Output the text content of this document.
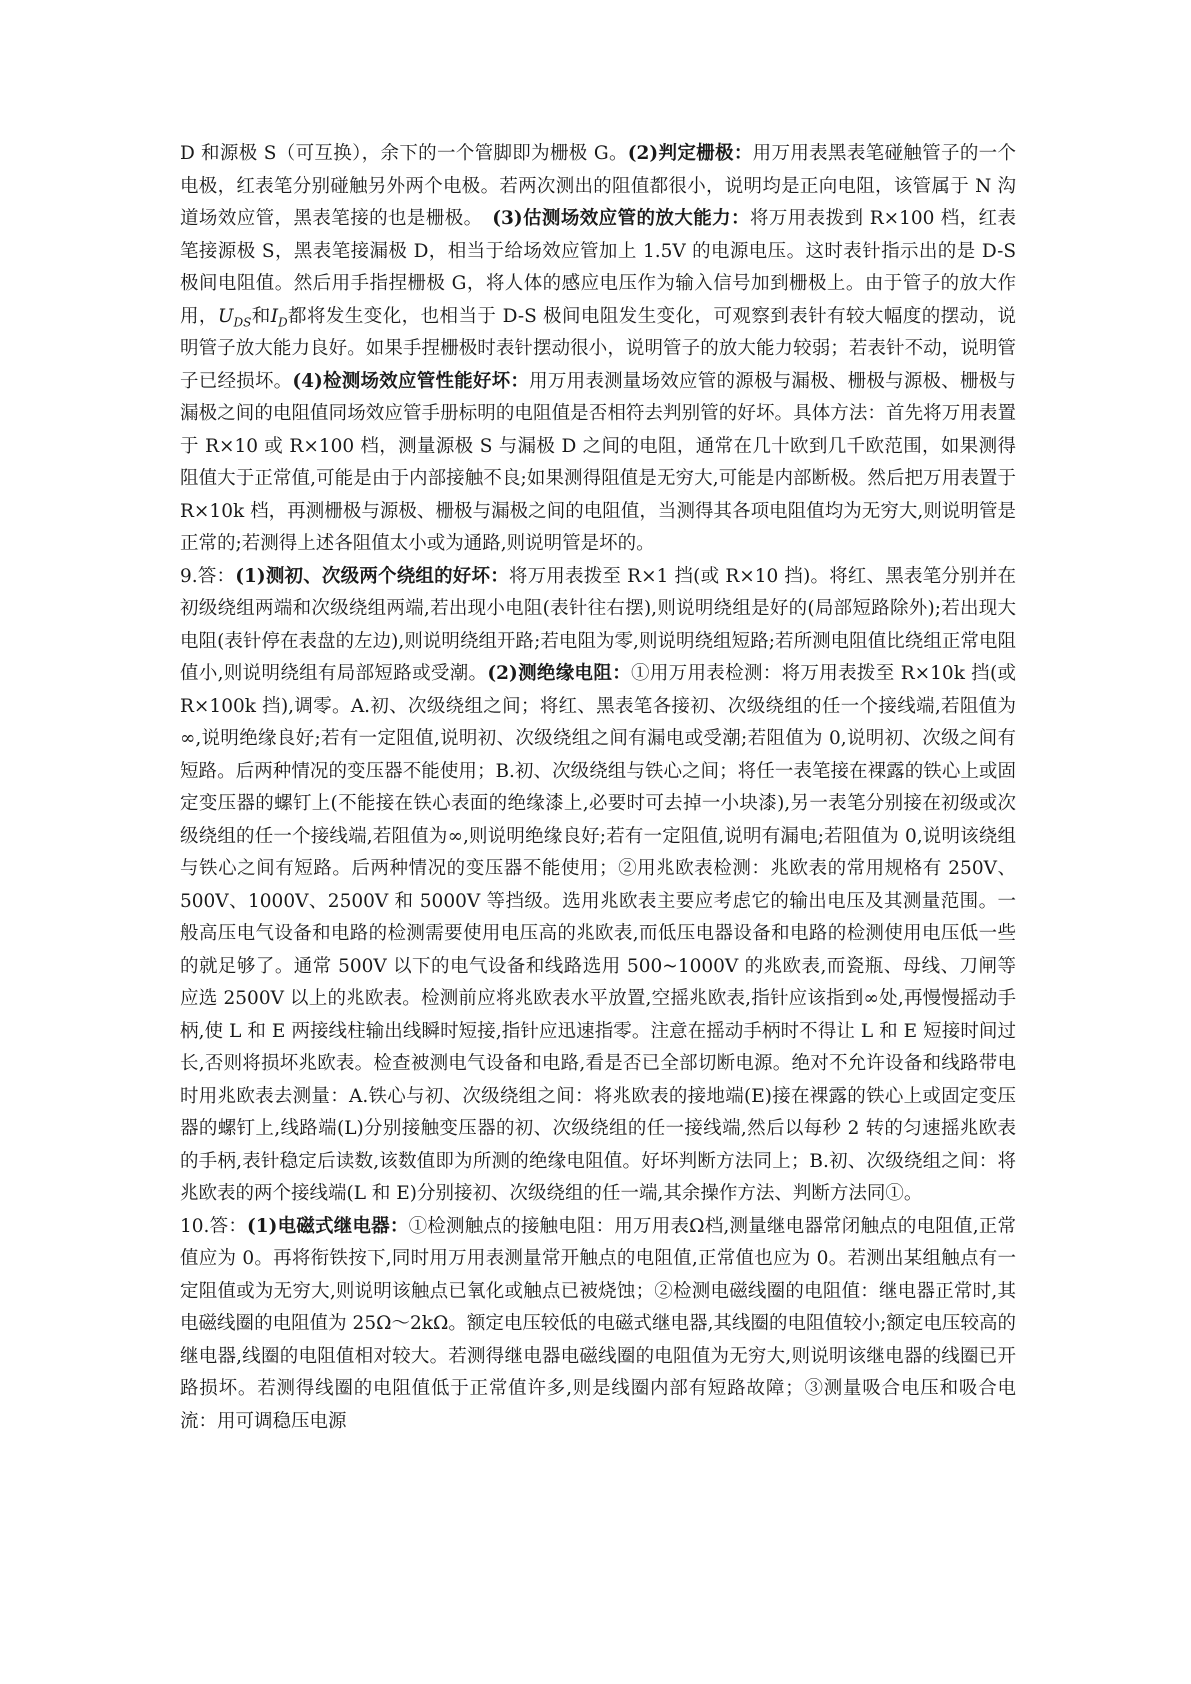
D 和源极 S（可互换），余下的一个管脚即为栅极 G。(2)判定栅极：用万用表黑表笔碰触管子的一个电极，红表笔分别碰触另外两个电极。若两次测出的阻值都很小，说明均是正向电阻，该管属于 N 沟道场效应管，黑表笔接的也是栅极。　(3)估测场效应管的放大能力：将万用表拨到 R×100 档，红表笔接源极 S，黑表笔接漏极 D，相当于给场效应管加上 1.5V 的电源电压。这时表针指示出的是 D-S 极间电阻值。然后用手指捏栅极 G，将人体的感应电压作为输入信号加到栅极上。由于管子的放大作用，$U_{DS}$和$I_D$都将发生变化，也相当于 D-S 极间电阻发生变化，可观察到表针有较大幅度的摆动，说明管子放大能力良好。如果手捏栅极时表针摆动很小，说明管子的放大能力较弱；若表针不动，说明管子已经损坏。(4)检测场效应管性能好坏：用万用表测量场效应管的源极与漏极、栅极与源极、栅极与漏极之间的电阻值同场效应管手册标明的电阻值是否相符去判别管的好坏。具体方法：首先将万用表置于 R×10 或 R×100 档，测量源极 S 与漏极 D 之间的电阻，通常在几十欧到几千欧范围，如果测得阻值大于正常值,可能是由于内部接触不良;如果测得阻值是无穷大,可能是内部断极。然后把万用表置于 R×10k 档，再测栅极与源极、栅极与漏极之间的电阻值，当测得其各项电阻值均为无穷大,则说明管是正常的;若测得上述各阻值太小或为通路,则说明管是坏的。

9.答：(1)测初、次级两个绕组的好坏：将万用表拨至 R×1 挡(或 R×10 挡)。将红、黑表笔分别并在初级绕组两端和次级绕组两端,若出现小电阻(表针往右摆),则说明绕组是好的(局部短路除外);若出现大电阻(表针停在表盘的左边),则说明绕组开路;若电阻为零,则说明绕组短路;若所测电阻值比绕组正常电阻值小,则说明绕组有局部短路或受潮。(2)测绝缘电阻：①用万用表检测：将万用表拨至 R×10k 挡(或 R×100k 挡),调零。A.初、次级绕组之间；将红、黑表笔各接初、次级绕组的任一个接线端,若阻值为∞,说明绝缘良好;若有一定阻值,说明初、次级绕组之间有漏电或受潮;若阻值为 0,说明初、次级之间有短路。后两种情况的变压器不能使用；B.初、次级绕组与铁心之间；将任一表笔接在裸露的铁心上或固定变压器的螺钉上(不能接在铁心表面的绝缘漆上,必要时可去掉一小块漆),另一表笔分别接在初级或次级绕组的任一个接线端,若阻值为∞,则说明绝缘良好;若有一定阻值,说明有漏电;若阻值为 0,说明该绕组与铁心之间有短路。后两种情况的变压器不能使用；②用兆欧表检测：兆欧表的常用规格有 250V、500V、1000V、2500V 和 5000V 等挡级。选用兆欧表主要应考虑它的输出电压及其测量范围。一般高压电气设备和电路的检测需要使用电压高的兆欧表,而低压电器设备和电路的检测使用电压低一些的就足够了。通常 500V 以下的电气设备和线路选用 500~1000V 的兆欧表,而瓷瓶、母线、刀闸等应选 2500V 以上的兆欧表。检测前应将兆欧表水平放置,空摇兆欧表,指针应该指到∞处,再慢慢摇动手柄,使 L 和 E 两接线柱输出线瞬时短接,指针应迅速指零。注意在摇动手柄时不得让 L 和 E 短接时间过长,否则将损坏兆欧表。检查被测电气设备和电路,看是否已全部切断电源。绝对不允许设备和线路带电时用兆欧表去测量：A.铁心与初、次级绕组之间：将兆欧表的接地端(E)接在裸露的铁心上或固定变压器的螺钉上,线路端(L)分别接触变压器的初、次级绕组的任一接线端,然后以每秒 2 转的匀速摇兆欧表的手柄,表针稳定后读数,该数值即为所测的绝缘电阻值。好坏判断方法同上；B.初、次级绕组之间：将兆欧表的两个接线端(L 和 E)分别接初、次级绕组的任一端,其余操作方法、判断方法同①。

10.答：(1)电磁式继电器：①检测触点的接触电阻：用万用表Ω档,测量继电器常闭触点的电阻值,正常值应为 0。再将衔铁按下,同时用万用表测量常开触点的电阻值,正常值也应为 0。若测出某组触点有一定阻值或为无穷大,则说明该触点已氧化或触点已被烧蚀；②检测电磁线圈的电阻值：继电器正常时,其电磁线圈的电阻值为 25Ω～2kΩ。额定电压较低的电磁式继电器,其线圈的电阻值较小;额定电压较高的继电器,线圈的电阻值相对较大。若测得继电器电磁线圈的电阻值为无穷大,则说明该继电器的线圈已开路损坏。若测得线圈的电阻值低于正常值许多,则是线圈内部有短路故障；③测量吸合电压和吸合电流：用可调稳压电源
